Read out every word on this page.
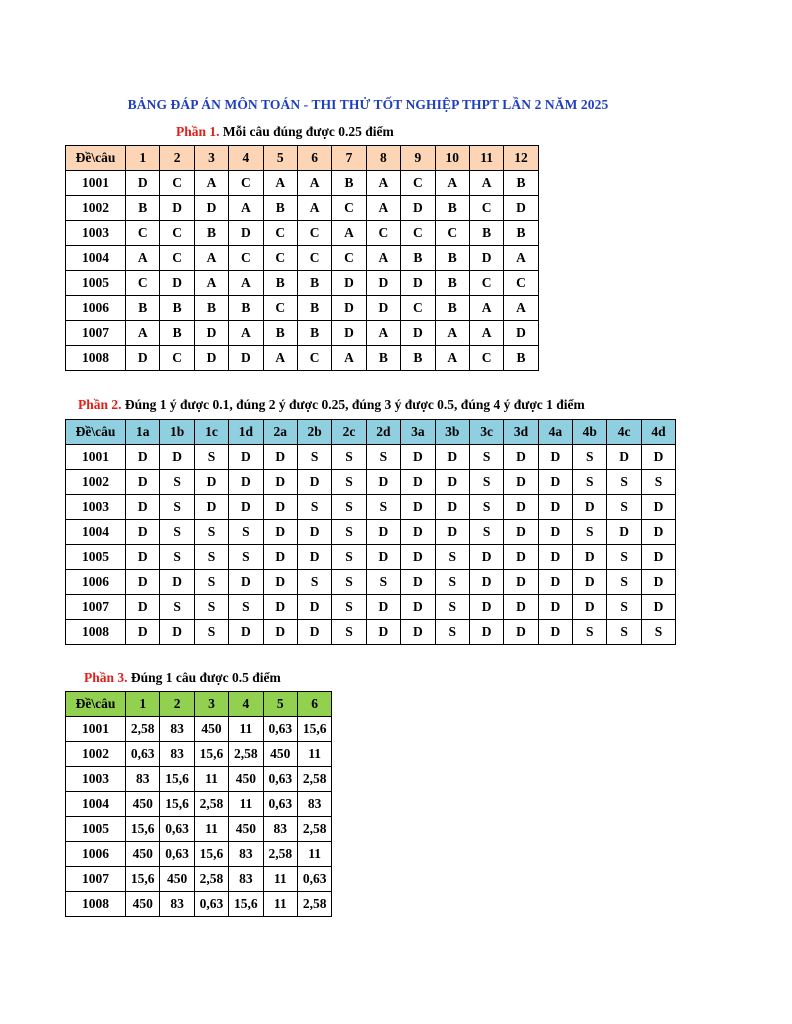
BẢNG ĐÁP ÁN MÔN TOÁN - THI THỬ TỐT NGHIỆP THPT LẦN 2 NĂM 2025
Phần 1. Mỗi câu đúng được 0.25 điểm
Đề\câu	1	2	3	4	5	6	7	8	9	10	11	12
1001	D	C	A	C	A	A	B	A	C	A	A	B
1002	B	D	D	A	B	A	C	A	D	B	C	D
1003	C	C	B	D	C	C	A	C	C	C	B	B
1004	A	C	A	C	C	C	C	A	B	B	D	A
1005	C	D	A	A	B	B	D	D	D	B	C	C
1006	B	B	B	B	C	B	D	D	C	B	A	A
1007	A	B	D	A	B	B	D	A	D	A	A	D
1008	D	C	D	D	A	C	A	B	B	A	C	B
Phần 2. Đúng 1 ý được 0.1, đúng 2 ý được 0.25, đúng 3 ý được 0.5, đúng 4 ý được 1 điểm
Đề\câu	1a	1b	1c	1d	2a	2b	2c	2d	3a	3b	3c	3d	4a	4b	4c	4d
1001	D	D	S	D	D	S	S	S	D	D	S	D	D	S	D	D
1002	D	S	D	D	D	D	S	D	D	D	S	D	D	S	S	S
1003	D	S	D	D	D	S	S	S	D	D	S	D	D	D	S	D
1004	D	S	S	S	D	D	S	D	D	D	S	D	D	S	D	D
1005	D	S	S	S	D	D	S	D	D	S	D	D	D	D	S	D
1006	D	D	S	D	D	S	S	S	D	S	D	D	D	D	S	D
1007	D	S	S	S	D	D	S	D	D	S	D	D	D	D	S	D
1008	D	D	S	D	D	D	S	D	D	S	D	D	D	S	S	S
Phần 3. Đúng 1 câu được 0.5 điểm
Đề\câu	1	2	3	4	5	6
1001	2,58	83	450	11	0,63	15,6
1002	0,63	83	15,6	2,58	450	11
1003	83	15,6	11	450	0,63	2,58
1004	450	15,6	2,58	11	0,63	83
1005	15,6	0,63	11	450	83	2,58
1006	450	0,63	15,6	83	2,58	11
1007	15,6	450	2,58	83	11	0,63
1008	450	83	0,63	15,6	11	2,58
